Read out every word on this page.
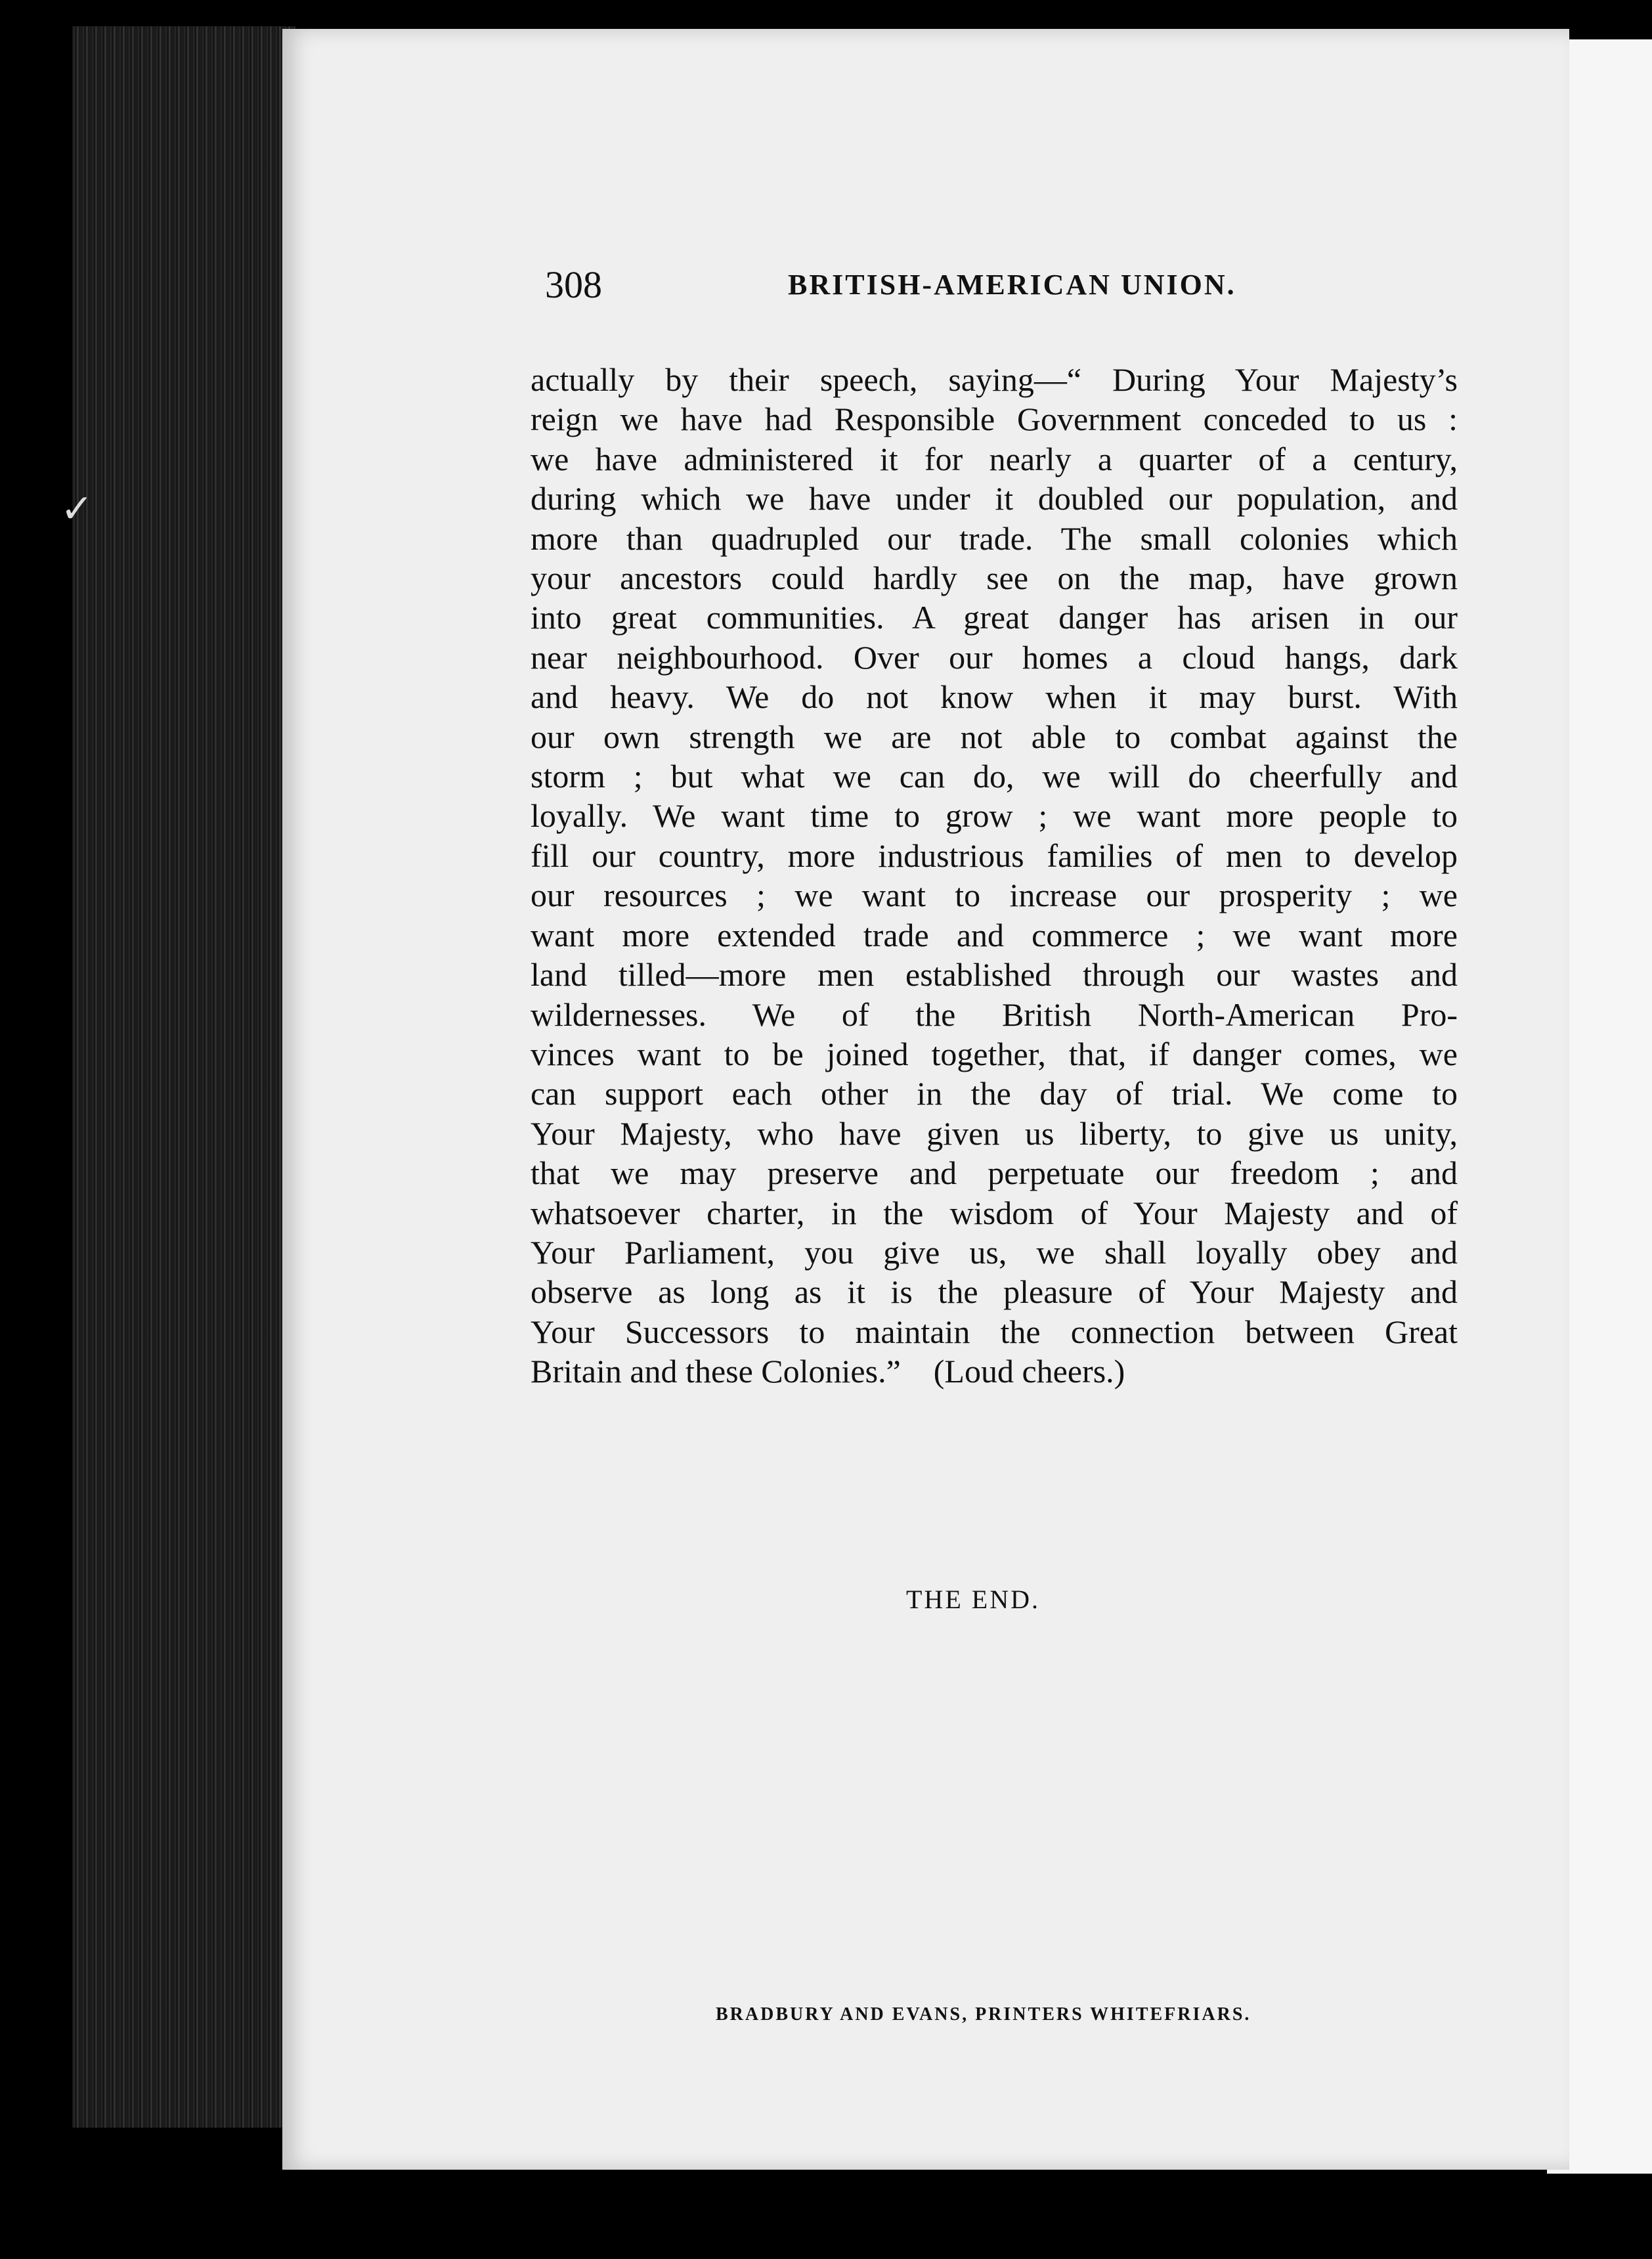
✓
308	BRITISH-AMERICAN UNION.
actually by their speech, saying—“ During Your Majesty’s
reign we have had Responsible Government conceded to us :
we have administered it for nearly a quarter of a century,
during which we have under it doubled our population, and
more than quadrupled our trade. The small colonies which
your ancestors could hardly see on the map, have grown
into great communities. A great danger has arisen in our
near neighbourhood. Over our homes a cloud hangs, dark
and heavy. We do not know when it may burst. With
our own strength we are not able to combat against the
storm ; but what we can do, we will do cheerfully and
loyally. We want time to grow ; we want more people to
fill our country, more industrious families of men to develop
our resources ; we want to increase our prosperity ; we
want more extended trade and commerce ; we want more
land tilled—more men established through our wastes and
wildernesses. We of the British North-American Pro-
vinces want to be joined together, that, if danger comes, we
can support each other in the day of trial. We come to
Your Majesty, who have given us liberty, to give us unity,
that we may preserve and perpetuate our freedom ; and
whatsoever charter, in the wisdom of Your Majesty and of
Your Parliament, you give us, we shall loyally obey and
observe as long as it is the pleasure of Your Majesty and
Your Successors to maintain the connection between Great
Britain and these Colonies.”    (Loud cheers.)
THE END.
BRADBURY AND EVANS, PRINTERS WHITEFRIARS.
